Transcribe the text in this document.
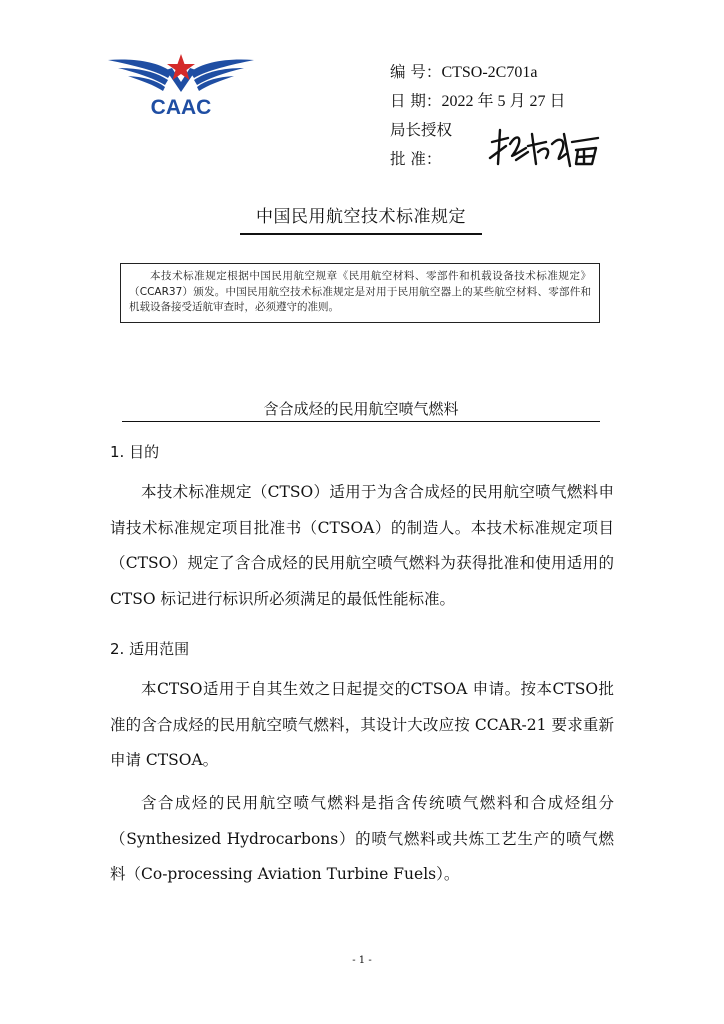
CAAC
编 号：CTSO-2C701a
日 期：2022 年 5 月 27 日
局长授权
批 准：
中国民用航空技术标准规定

本技术标准规定根据中国民用航空规章《民用航空材料、零部件和机载设备技术标准规定》（CCAR37）颁发。中国民用航空技术标准规定是对用于民用航空器上的某些航空材料、零部件和机载设备接受适航审查时，必须遵守的准则。

含合成烃的民用航空喷气燃料
1. 目的

本技术标准规定（CTSO）适用于为含合成烃的民用航空喷气燃料申请技术标准规定项目批准书（CTSOA）的制造人。本技术标准规定项目（CTSO）规定了含合成烃的民用航空喷气燃料为获得批准和使用适用的 CTSO 标记进行标识所必须满足的最低性能标准。

2. 适用范围

本CTSO适用于自其生效之日起提交的CTSOA 申请。按本CTSO批准的含合成烃的民用航空喷气燃料，其设计大改应按 CCAR-21 要求重新申请 CTSOA。

含合成烃的民用航空喷气燃料是指含传统喷气燃料和合成烃组分（Synthesized Hydrocarbons）的喷气燃料或共炼工艺生产的喷气燃料（Co-processing Aviation Turbine Fuels）。

- 1 -
